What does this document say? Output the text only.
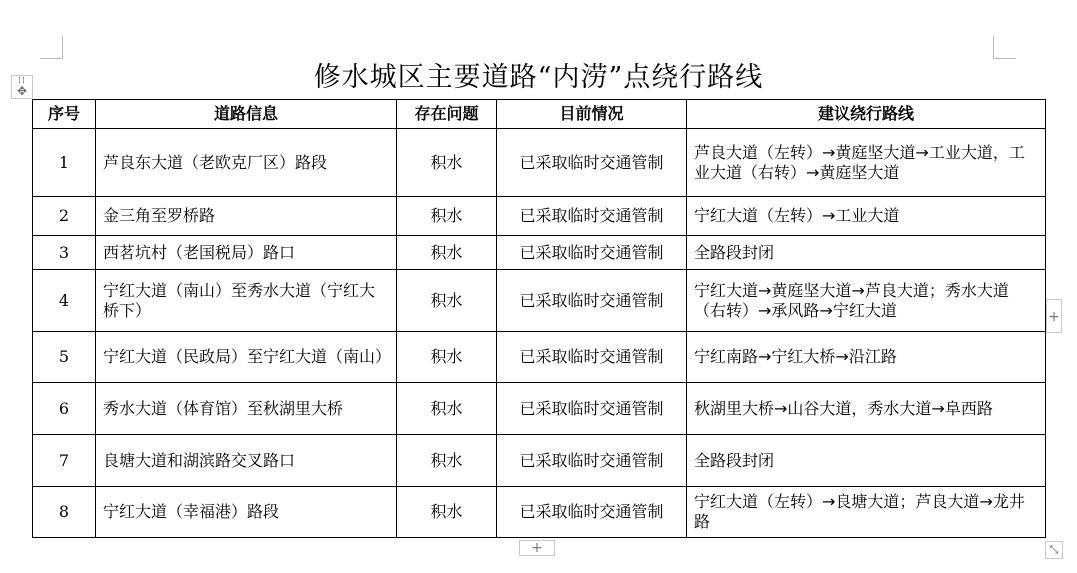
修水城区主要道路“内涝”点绕行路线
⁞⁞
✥
序号	道路信息	存在问题	目前情况	建议绕行路线
1	芦良东大道（老欧克厂区）路段	积水	已采取临时交通管制	芦良大道（左转）→黄庭坚大道→工业大道，工业大道（右转）→黄庭坚大道
2	金三角至罗桥路	积水	已采取临时交通管制	宁红大道（左转）→工业大道
3	西茗坑村（老国税局）路口	积水	已采取临时交通管制	全路段封闭
4	宁红大道（南山）至秀水大道（宁红大桥下）	积水	已采取临时交通管制	宁红大道→黄庭坚大道→芦良大道；秀水大道（右转）→承风路→宁红大道
5	宁红大道（民政局）至宁红大道（南山）	积水	已采取临时交通管制	宁红南路→宁红大桥→沿江路
6	秀水大道（体育馆）至秋湖里大桥	积水	已采取临时交通管制	秋湖里大桥→山谷大道，秀水大道→阜西路
7	良塘大道和湖滨路交叉路口	积水	已采取临时交通管制	全路段封闭
8	宁红大道（幸福港）路段	积水	已采取临时交通管制	宁红大道（左转）→良塘大道；芦良大道→龙井路
+
+	⤡
